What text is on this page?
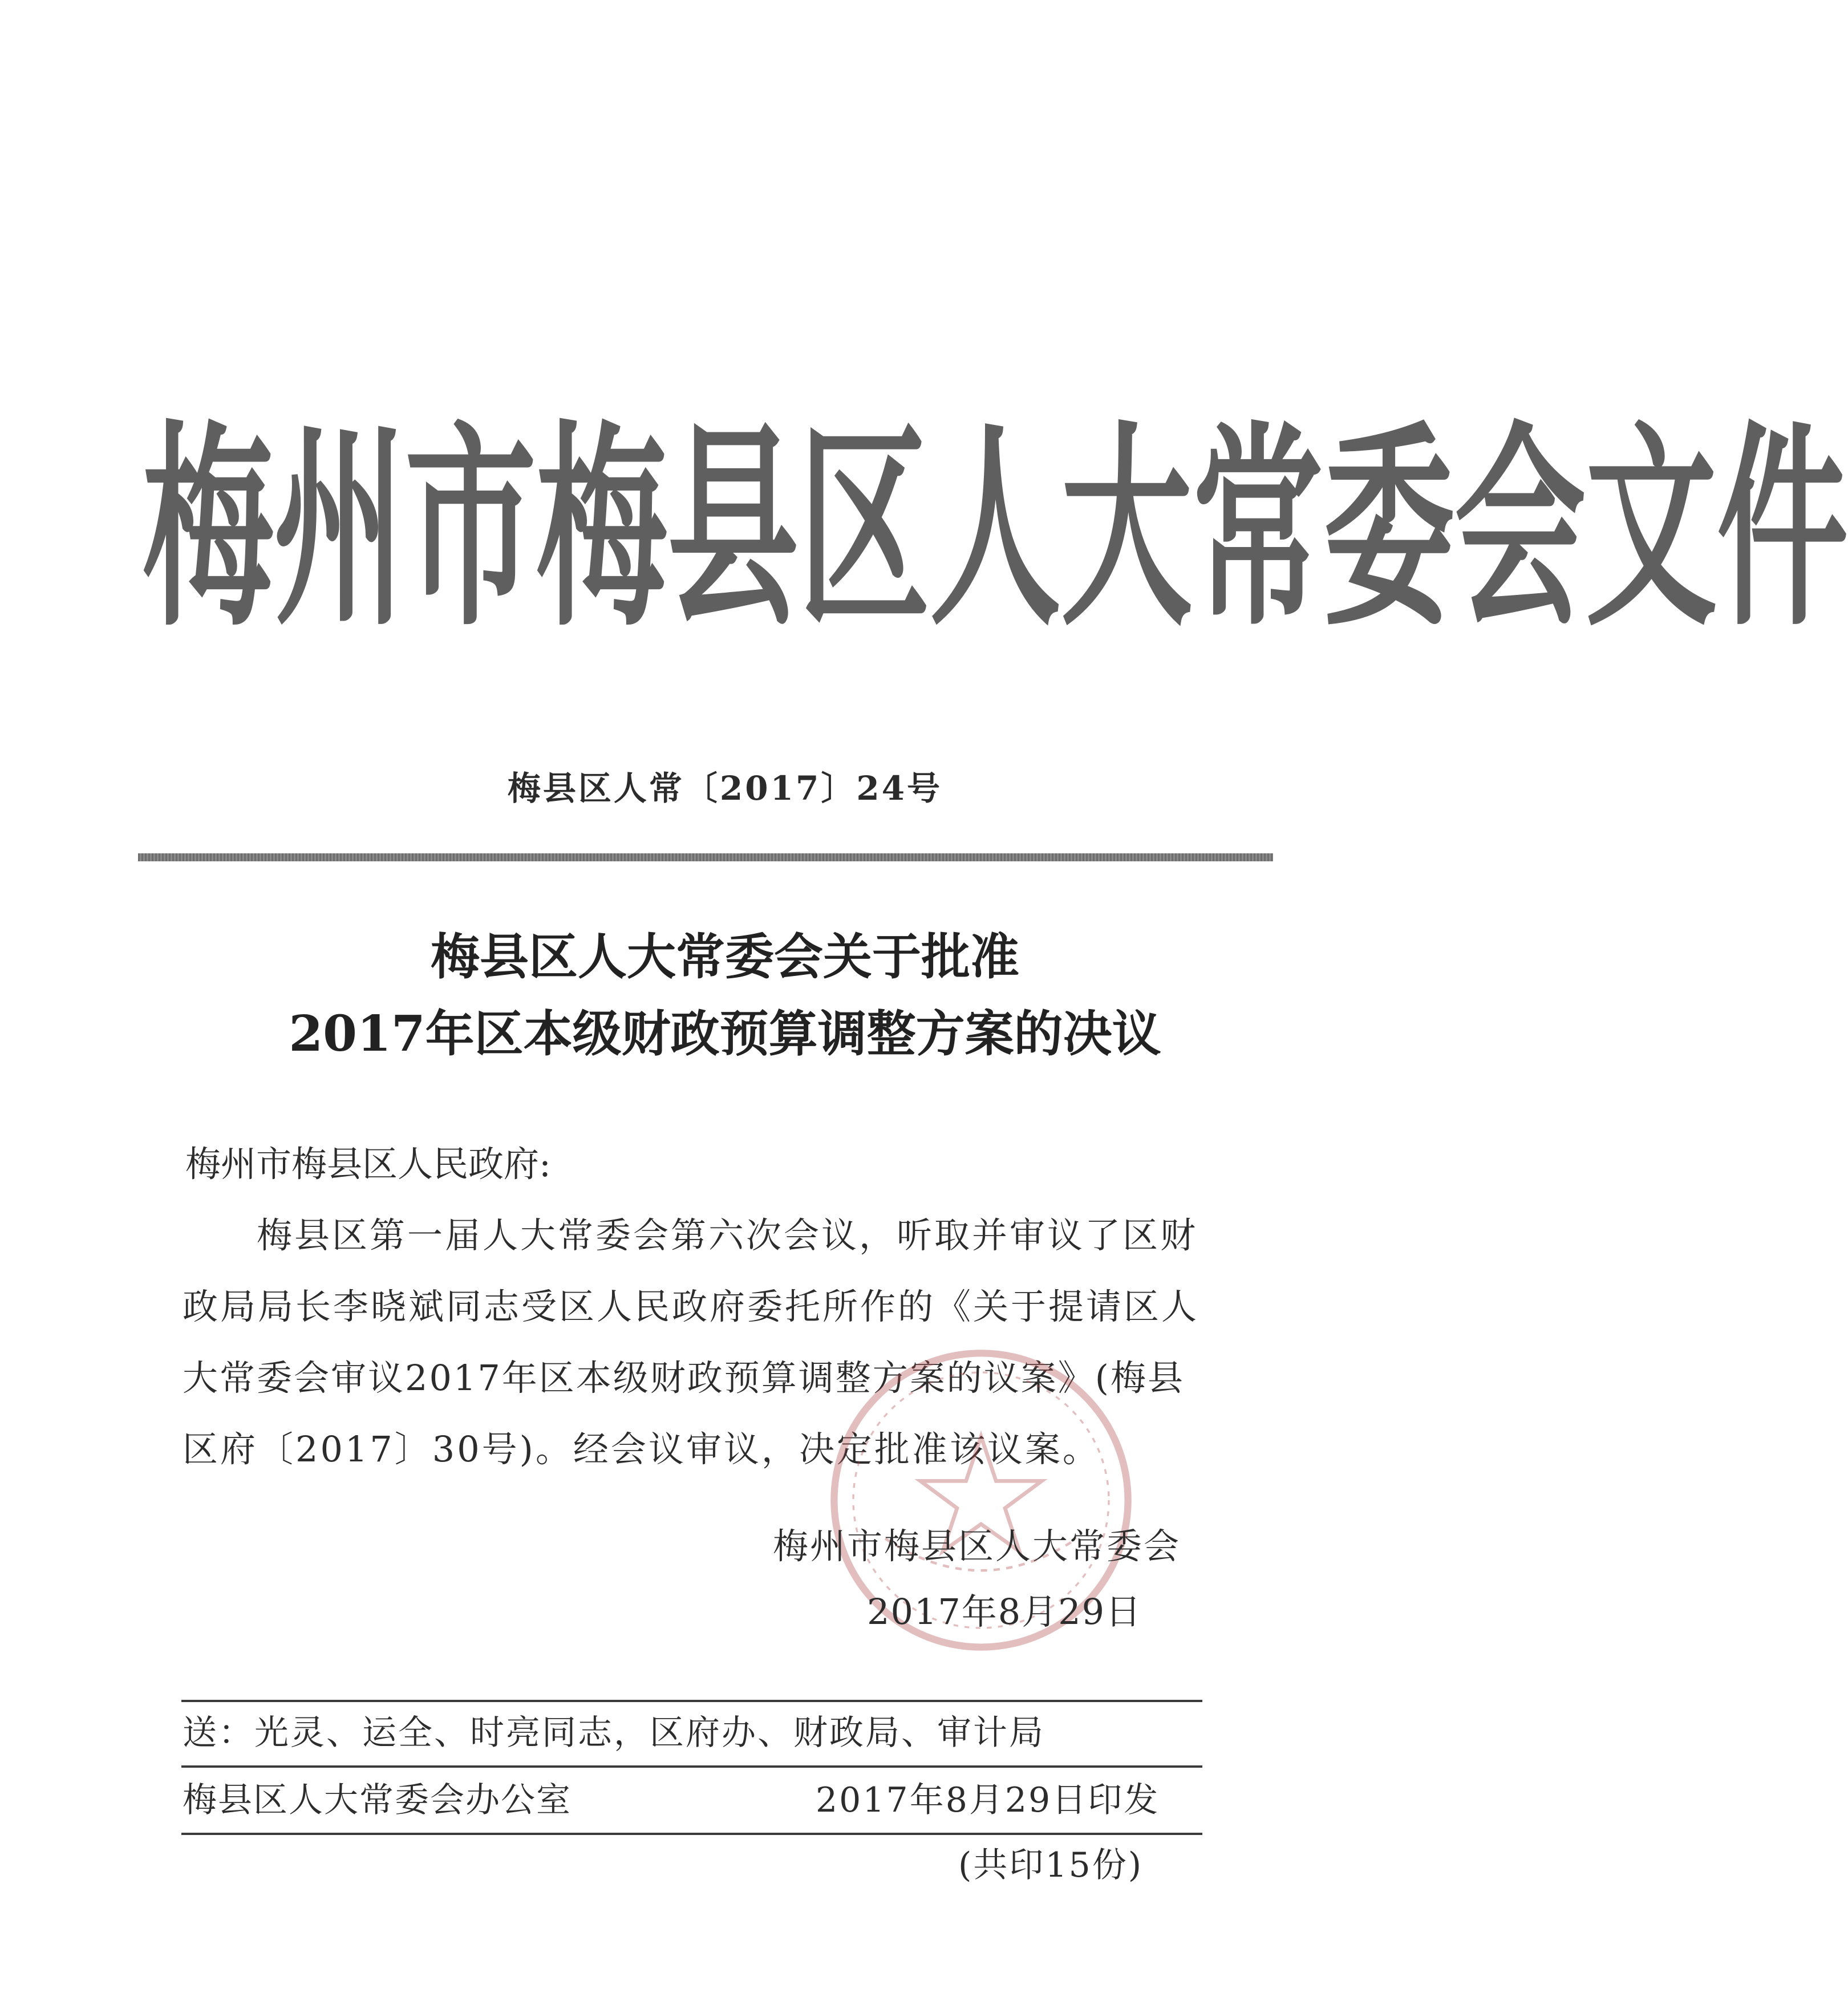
梅 州 市 梅 县 区 人 大 常 委 会 文 件

梅县区人常〔2017〕24号

梅县区人大常委会关于批准

2017年区本级财政预算调整方案的决议

梅州市梅县区人民政府:

梅县区第一届人大常委会第六次会议，听取并审议了区财

政局局长李晓斌同志受区人民政府委托所作的《关于提请区人

大常委会审议2017年区本级财政预算调整方案的议案》(梅县

区府〔2017〕30号)。经会议审议，决定批准该议案。

梅州市梅县区人大常委会

2017年8月29日

送：光灵、运全、时亮同志，区府办、财政局、审计局

梅县区人大常委会办公室	2017年8月29日印发

(共印15份)
